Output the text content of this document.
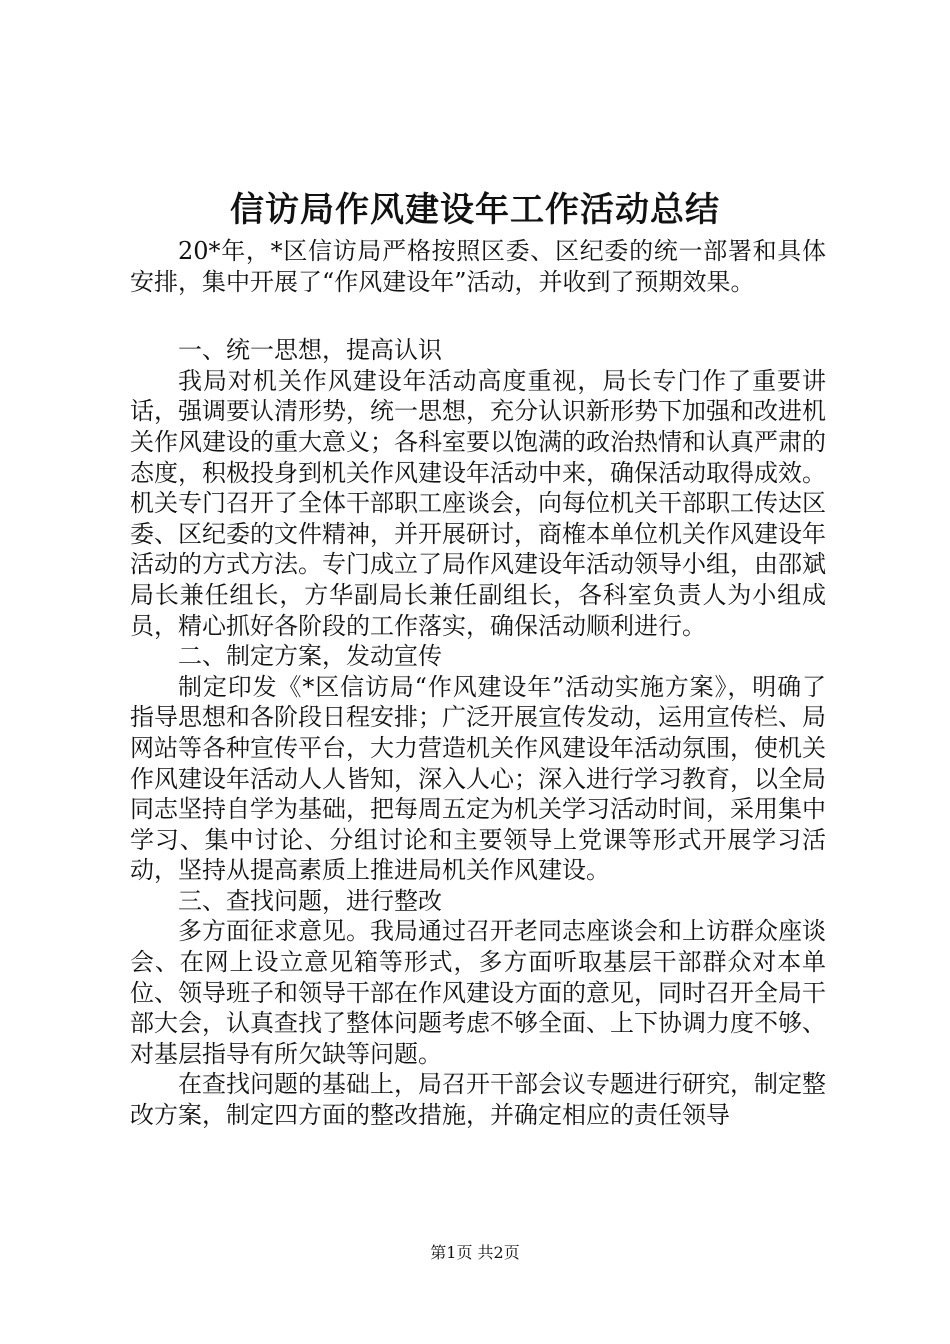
信访局作风建设年工作活动总结

20*年，*区信访局严格按照区委、区纪委的统一部署和具体安排，集中开展了“作风建设年”活动，并收到了预期效果。

一、统一思想，提高认识

我局对机关作风建设年活动高度重视，局长专门作了重要讲话，强调要认清形势，统一思想，充分认识新形势下加强和改进机关作风建设的重大意义；各科室要以饱满的政治热情和认真严肃的态度，积极投身到机关作风建设年活动中来，确保活动取得成效。机关专门召开了全体干部职工座谈会，向每位机关干部职工传达区委、区纪委的文件精神，并开展研讨，商榷本单位机关作风建设年活动的方式方法。专门成立了局作风建设年活动领导小组，由邵斌局长兼任组长，方华副局长兼任副组长，各科室负责人为小组成员，精心抓好各阶段的工作落实，确保活动顺利进行。

二、制定方案，发动宣传

制定印发《*区信访局“作风建设年”活动实施方案》，明确了指导思想和各阶段日程安排；广泛开展宣传发动，运用宣传栏、局网站等各种宣传平台，大力营造机关作风建设年活动氛围，使机关作风建设年活动人人皆知，深入人心；深入进行学习教育，以全局同志坚持自学为基础，把每周五定为机关学习活动时间，采用集中学习、集中讨论、分组讨论和主要领导上党课等形式开展学习活动，坚持从提高素质上推进局机关作风建设。

三、查找问题，进行整改

多方面征求意见。我局通过召开老同志座谈会和上访群众座谈会、在网上设立意见箱等形式，多方面听取基层干部群众对本单位、领导班子和领导干部在作风建设方面的意见，同时召开全局干部大会，认真查找了整体问题考虑不够全面、上下协调力度不够、对基层指导有所欠缺等问题。

在查找问题的基础上，局召开干部会议专题进行研究，制定整改方案，制定四方面的整改措施，并确定相应的责任领导

第1页 共2页
